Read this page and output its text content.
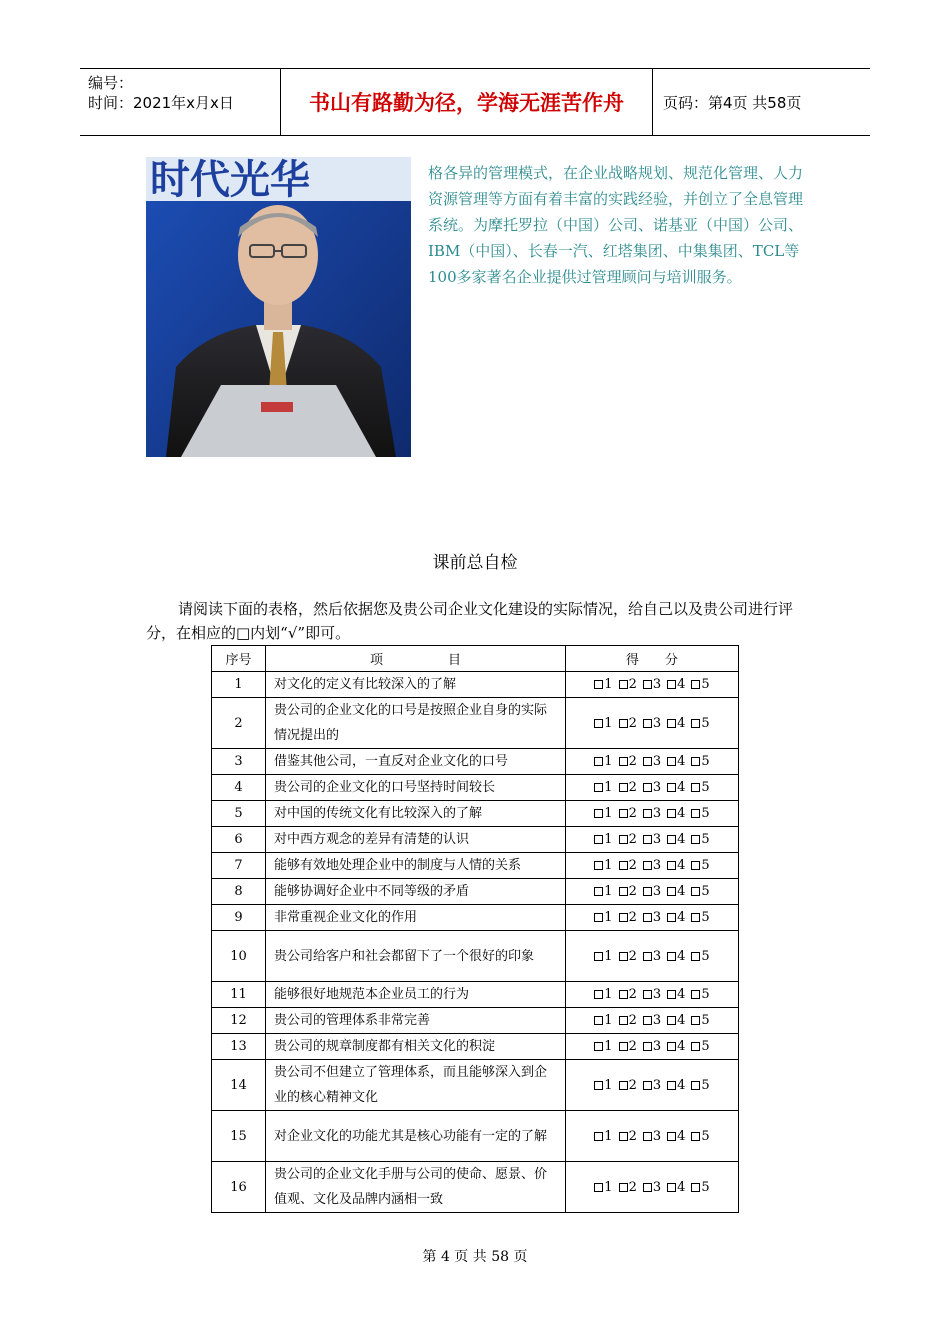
编号：
时间：2021年x月x日	书山有路勤为径，学海无涯苦作舟	页码：第4页 共58页
时代光华	格各异的管理模式，在企业战略规划、规范化管理、人力资源管理等方面有着丰富的实践经验，并创立了全息管理系统。为摩托罗拉（中国）公司、诺基亚（中国）公司、IBM（中国）、长春一汽、红塔集团、中集集团、TCL等100多家著名企业提供过管理顾问与培训服务。
课前总自检
请阅读下面的表格，然后依据您及贵公司企业文化建设的实际情况，给自己以及贵公司进行评分，在相应的□内划“√”即可。
序号	项　　　　　目	得　　分
1	对文化的定义有比较深入的了解	1 2 3 4 5
2	贵公司的企业文化的口号是按照企业自身的实际情况提出的	1 2 3 4 5
3	借鉴其他公司，一直反对企业文化的口号	1 2 3 4 5
4	贵公司的企业文化的口号坚持时间较长	1 2 3 4 5
5	对中国的传统文化有比较深入的了解	1 2 3 4 5
6	对中西方观念的差异有清楚的认识	1 2 3 4 5
7	能够有效地处理企业中的制度与人情的关系	1 2 3 4 5
8	能够协调好企业中不同等级的矛盾	1 2 3 4 5
9	非常重视企业文化的作用	1 2 3 4 5
10	贵公司给客户和社会都留下了一个很好的印象	1 2 3 4 5
11	能够很好地规范本企业员工的行为	1 2 3 4 5
12	贵公司的管理体系非常完善	1 2 3 4 5
13	贵公司的规章制度都有相关文化的积淀	1 2 3 4 5
14	贵公司不但建立了管理体系，而且能够深入到企业的核心精神文化	1 2 3 4 5
15	对企业文化的功能尤其是核心功能有一定的了解	1 2 3 4 5
16	贵公司的企业文化手册与公司的使命、愿景、价值观、文化及品牌内涵相一致	1 2 3 4 5
第 4 页 共 58 页
